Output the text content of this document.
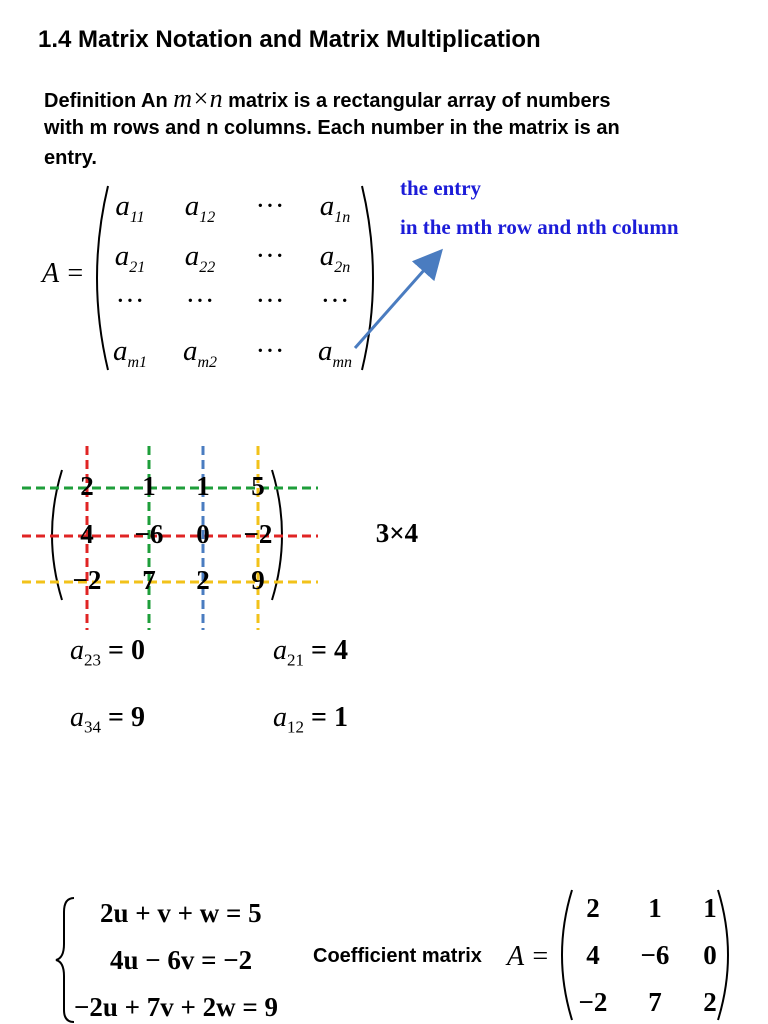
1.4 Matrix Notation and Matrix Multiplication
Definition An m×n matrix is a rectangular array of numbers
with m rows and n columns. Each number in the matrix is an
entry.
the entry
in the mth row and nth column
A =
$a_{11}$	$a_{12}$	···	$a_{1n}$
$a_{21}$	$a_{22}$	···	$a_{2n}$
···	···	···	···
$a_{m1}$	$a_{m2}$	···	$a_{mn}$
2	1	1	5
4	−6	0	−2
−2	7	2	9
3×4
$a_{23} = 0$	$a_{21} = 4$
$a_{34} = 9$	$a_{12} = 1$
2u + v + w = 5
4u − 6v = −2
−2u + 7v + 2w = 9
Coefficient matrix A =
2	1	1
4	−6	0
−2	7	2
